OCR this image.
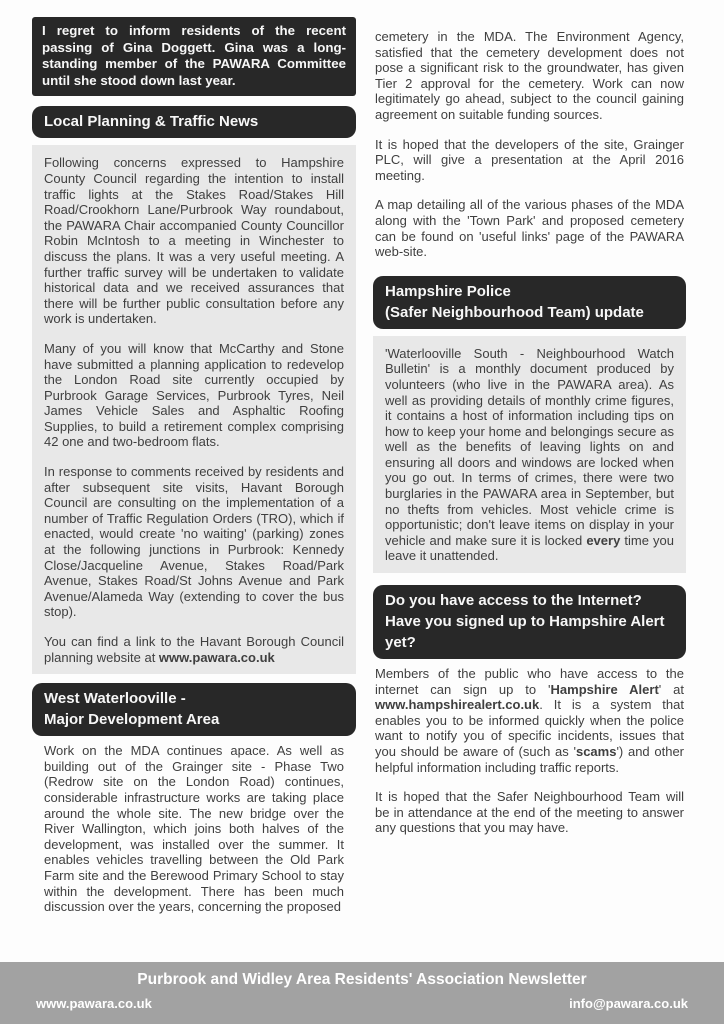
I regret to inform residents of the recent passing of Gina Doggett. Gina was a long-standing member of the PAWARA Committee until she stood down last year.
Local Planning & Traffic News

Following concerns expressed to Hampshire County Council regarding the intention to install traffic lights at the Stakes Road/Stakes Hill Road/Crookhorn Lane/Purbrook Way roundabout, the PAWARA Chair accompanied County Councillor Robin McIntosh to a meeting in Winchester to discuss the plans. It was a very useful meeting. A further traffic survey will be undertaken to validate historical data and we received assurances that there will be further public consultation before any work is undertaken.

Many of you will know that McCarthy and Stone have submitted a planning application to redevelop the London Road site currently occupied by Purbrook Garage Services, Purbrook Tyres, Neil James Vehicle Sales and Asphaltic Roofing Supplies, to build a retirement complex comprising 42 one and two-bedroom flats.

In response to comments received by residents and after subsequent site visits, Havant Borough Council are consulting on the implementation of a number of Traffic Regulation Orders (TRO), which if enacted, would create 'no waiting' (parking) zones at the following junctions in Purbrook: Kennedy Close/Jacqueline Avenue, Stakes Road/Park Avenue, Stakes Road/St Johns Avenue and Park Avenue/Alameda Way (extending to cover the bus stop).

You can find a link to the Havant Borough Council planning website at www.pawara.co.uk

West Waterlooville -
Major Development Area

Work on the MDA continues apace. As well as building out of the Grainger site - Phase Two (Redrow site on the London Road) continues, considerable infrastructure works are taking place around the whole site. The new bridge over the River Wallington, which joins both halves of the development, was installed over the summer. It enables vehicles travelling between the Old Park Farm site and the Berewood Primary School to stay within the development. There has been much discussion over the years, concerning the proposed

cemetery in the MDA. The Environment Agency, satisfied that the cemetery development does not pose a significant risk to the groundwater, has given Tier 2 approval for the cemetery. Work can now legitimately go ahead, subject to the council gaining agreement on suitable funding sources.

It is hoped that the developers of the site, Grainger PLC, will give a presentation at the April 2016 meeting.

A map detailing all of the various phases of the MDA along with the 'Town Park' and proposed cemetery can be found on 'useful links' page of the PAWARA web-site.

Hampshire Police
(Safer Neighbourhood Team) update

'Waterlooville South - Neighbourhood Watch Bulletin' is a monthly document produced by volunteers (who live in the PAWARA area). As well as providing details of monthly crime figures, it contains a host of information including tips on how to keep your home and belongings secure as well as the benefits of leaving lights on and ensuring all doors and windows are locked when you go out. In terms of crimes, there were two burglaries in the PAWARA area in September, but no thefts from vehicles. Most vehicle crime is opportunistic; don't leave items on display in your vehicle and make sure it is locked every time you leave it unattended.

Do you have access to the Internet? Have you signed up to Hampshire Alert yet?

Members of the public who have access to the internet can sign up to 'Hampshire Alert' at www.hampshirealert.co.uk. It is a system that enables you to be informed quickly when the police want to notify you of specific incidents, issues that you should be aware of (such as 'scams') and other helpful information including traffic reports.

It is hoped that the Safer Neighbourhood Team will be in attendance at the end of the meeting to answer any questions that you may have.

Purbrook and Widley Area Residents' Association Newsletter
www.pawara.co.uk	info@pawara.co.uk
